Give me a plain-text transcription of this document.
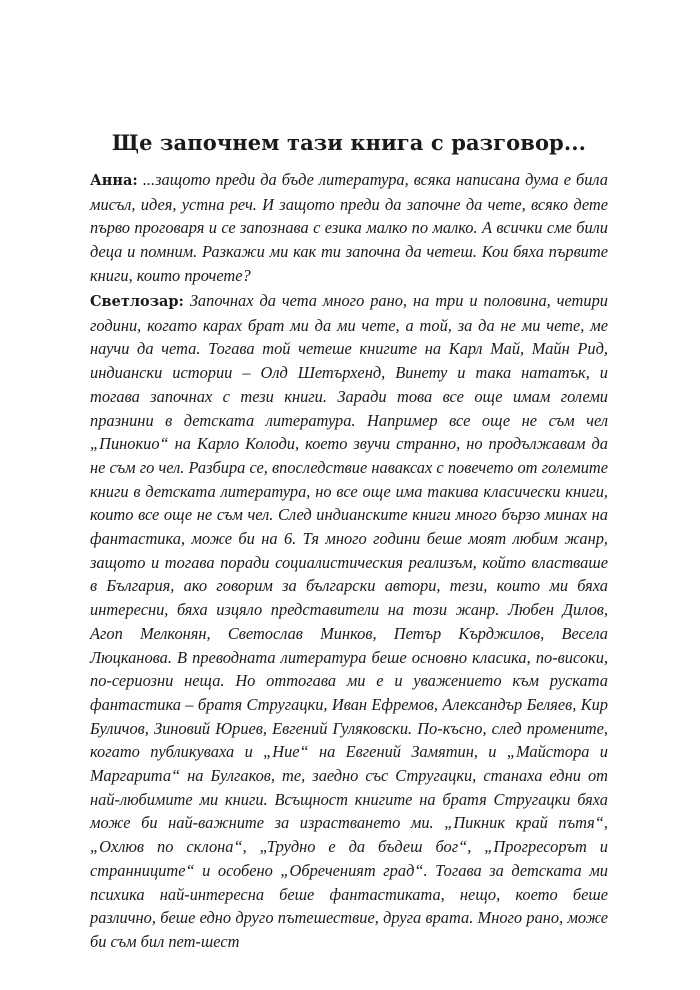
Ще започнем тази книга с разговор...

Анна: ...защото преди да бъде литература, всяка написана дума е била мисъл, идея, устна реч. И защото преди да започне да чете, всяко дете първо проговаря и се запознава с езика малко по малко. А всички сме били деца и помним. Разкажи ми как ти започна да четеш. Кои бяха първите книги, които прочете?

Светлозар: Започнах да чета много рано, на три и половина, четири години, когато карах брат ми да ми чете, а той, за да не ми чете, ме научи да чета. Тогава той четеше книгите на Карл Май, Майн Рид, индиански истории – Олд Шетърхенд, Винету и така нататък, и тогава започнах с тези книги. Заради това все още имам големи празнини в детската литература. Например все още не съм чел „Пинокио“ на Карло Колоди, което звучи странно, но продължавам да не съм го чел. Разбира се, впоследствие наваксах с повечето от големите книги в детската литература, но все още има такива класически книги, които все още не съм чел. След индианските книги много бързо минах на фантастика, може би на 6. Тя много години беше моят любим жанр, защото и тогава поради социалистическия реализъм, който властваше в България, ако говорим за български автори, тези, които ми бяха интересни, бяха изцяло представители на този жанр. Любен Дилов, Агоп Мелконян, Светослав Минков, Петър Кърджилов, Весела Люцканова. В преводната литература беше основно класика, по-високи, по-сериозни неща. Но оттогава ми е и уважението към руската фантастика – братя Стругацки, Иван Ефремов, Александър Беляев, Кир Буличов, Зиновий Юриев, Евгений Гуляковски. По-късно, след промените, когато публикуваха и „Ние“ на Евгений Замятин, и „Майстора и Маргарита“ на Булгаков, те, заедно със Стругацки, станаха едни от най-любимите ми книги. Всъщност книгите на братя Стругацки бяха може би най-важните за израстването ми. „Пикник край пътя“, „Охлюв по склона“, „Трудно е да бъдеш бог“, „Прогресорът и странниците“ и особено „Обреченият град“. Тогава за детската ми психика най-интересна беше фантастиката, нещо, което беше различно, беше едно друго пътешествие, друга врата. Много рано, може би съм бил пет-шест
